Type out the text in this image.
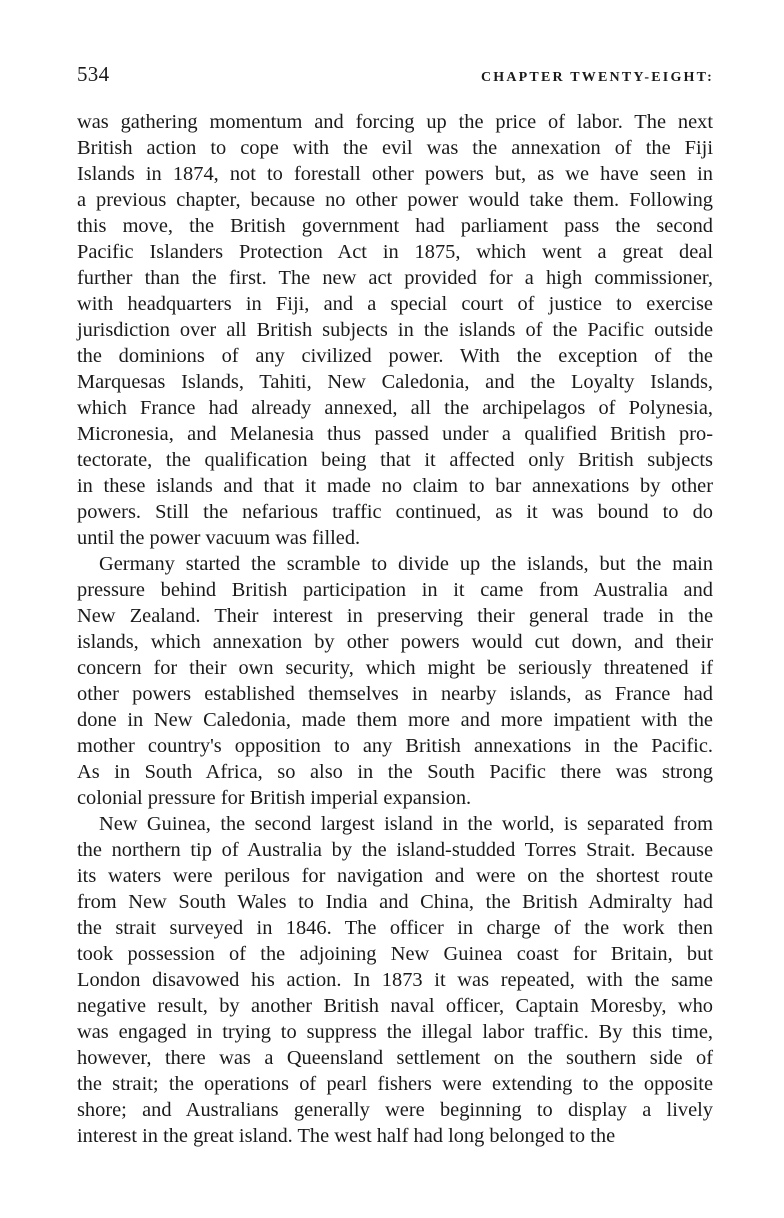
534	CHAPTER TWENTY-EIGHT:
was gathering momentum and forcing up the price of labor. The next
British action to cope with the evil was the annexation of the Fiji
Islands in 1874, not to forestall other powers but, as we have seen in
a previous chapter, because no other power would take them. Following
this move, the British government had parliament pass the second
Pacific Islanders Protection Act in 1875, which went a great deal
further than the first. The new act provided for a high commissioner,
with headquarters in Fiji, and a special court of justice to exercise
jurisdiction over all British subjects in the islands of the Pacific outside
the dominions of any civilized power. With the exception of the
Marquesas Islands, Tahiti, New Caledonia, and the Loyalty Islands,
which France had already annexed, all the archipelagos of Polynesia,
Micronesia, and Melanesia thus passed under a qualified British pro-
tectorate, the qualification being that it affected only British subjects
in these islands and that it made no claim to bar annexations by other
powers. Still the nefarious traffic continued, as it was bound to do
until the power vacuum was filled.
Germany started the scramble to divide up the islands, but the main
pressure behind British participation in it came from Australia and
New Zealand. Their interest in preserving their general trade in the
islands, which annexation by other powers would cut down, and their
concern for their own security, which might be seriously threatened if
other powers established themselves in nearby islands, as France had
done in New Caledonia, made them more and more impatient with the
mother country's opposition to any British annexations in the Pacific.
As in South Africa, so also in the South Pacific there was strong
colonial pressure for British imperial expansion.
New Guinea, the second largest island in the world, is separated from
the northern tip of Australia by the island-studded Torres Strait. Because
its waters were perilous for navigation and were on the shortest route
from New South Wales to India and China, the British Admiralty had
the strait surveyed in 1846. The officer in charge of the work then
took possession of the adjoining New Guinea coast for Britain, but
London disavowed his action. In 1873 it was repeated, with the same
negative result, by another British naval officer, Captain Moresby, who
was engaged in trying to suppress the illegal labor traffic. By this time,
however, there was a Queensland settlement on the southern side of
the strait; the operations of pearl fishers were extending to the opposite
shore; and Australians generally were beginning to display a lively
interest in the great island. The west half had long belonged to the
